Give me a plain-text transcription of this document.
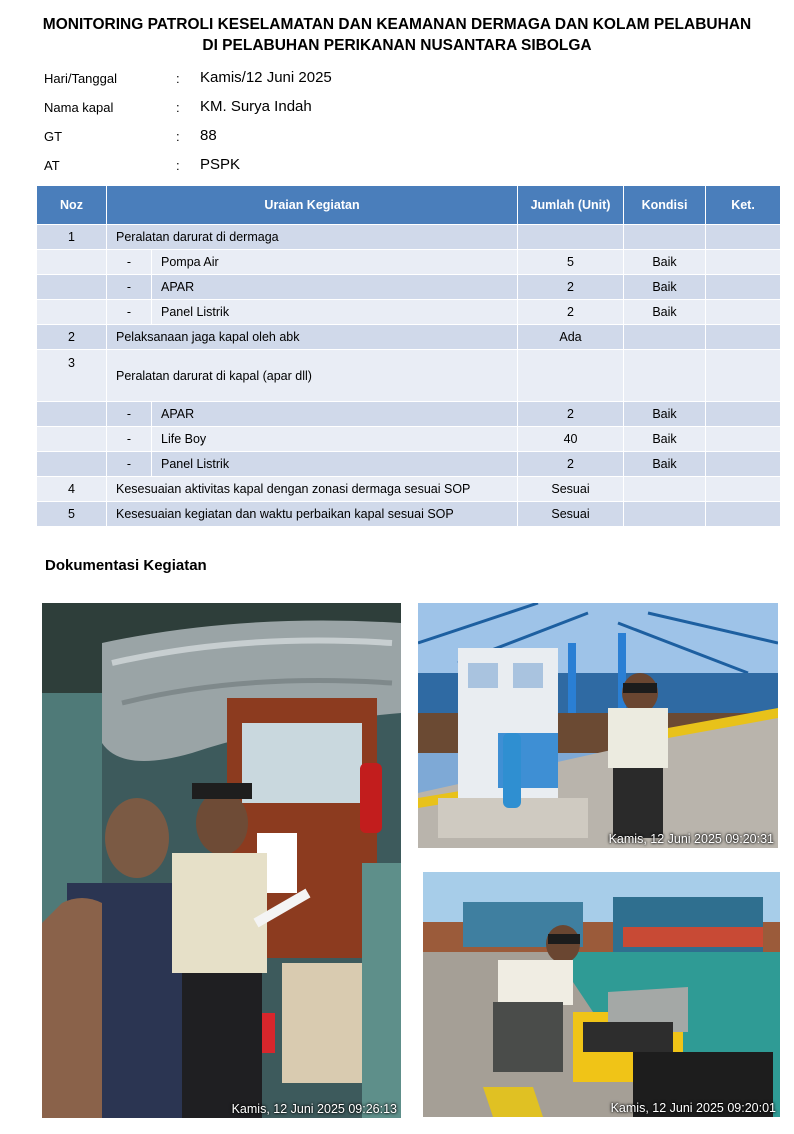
MONITORING PATROLI KESELAMATAN DAN KEAMANAN DERMAGA DAN KOLAM PELABUHAN
DI PELABUHAN PERIKANAN NUSANTARA SIBOLGA
Hari/Tanggal	: Kamis/12 Juni 2025
Nama kapal	: KM. Surya Indah
GT	: 88
AT	: PSPK
Noz	Uraian Kegiatan		Jumlah (Unit)	Kondisi	Ket.
1	Peralatan darurat di dermaga				
	-	Pompa Air	5	Baik	
	-	APAR	2	Baik	
	-	Panel Listrik	2	Baik	
2	Pelaksanaan jaga kapal oleh abk		Ada		
3	Peralatan darurat di kapal (apar dll)				
	-	APAR	2	Baik	
	-	Life Boy	40	Baik	
	-	Panel Listrik	2	Baik	
4	Kesesuaian aktivitas kapal dengan zonasi dermaga sesuai SOP		Sesuai		
5	Kesesuaian kegiatan dan waktu perbaikan kapal sesuai SOP		Sesuai		
Dokumentasi Kegiatan
Kamis, 12 Juni 2025 09:26:13
Kamis, 12 Juni 2025 09:20:31
Kamis, 12 Juni 2025 09:20:01
